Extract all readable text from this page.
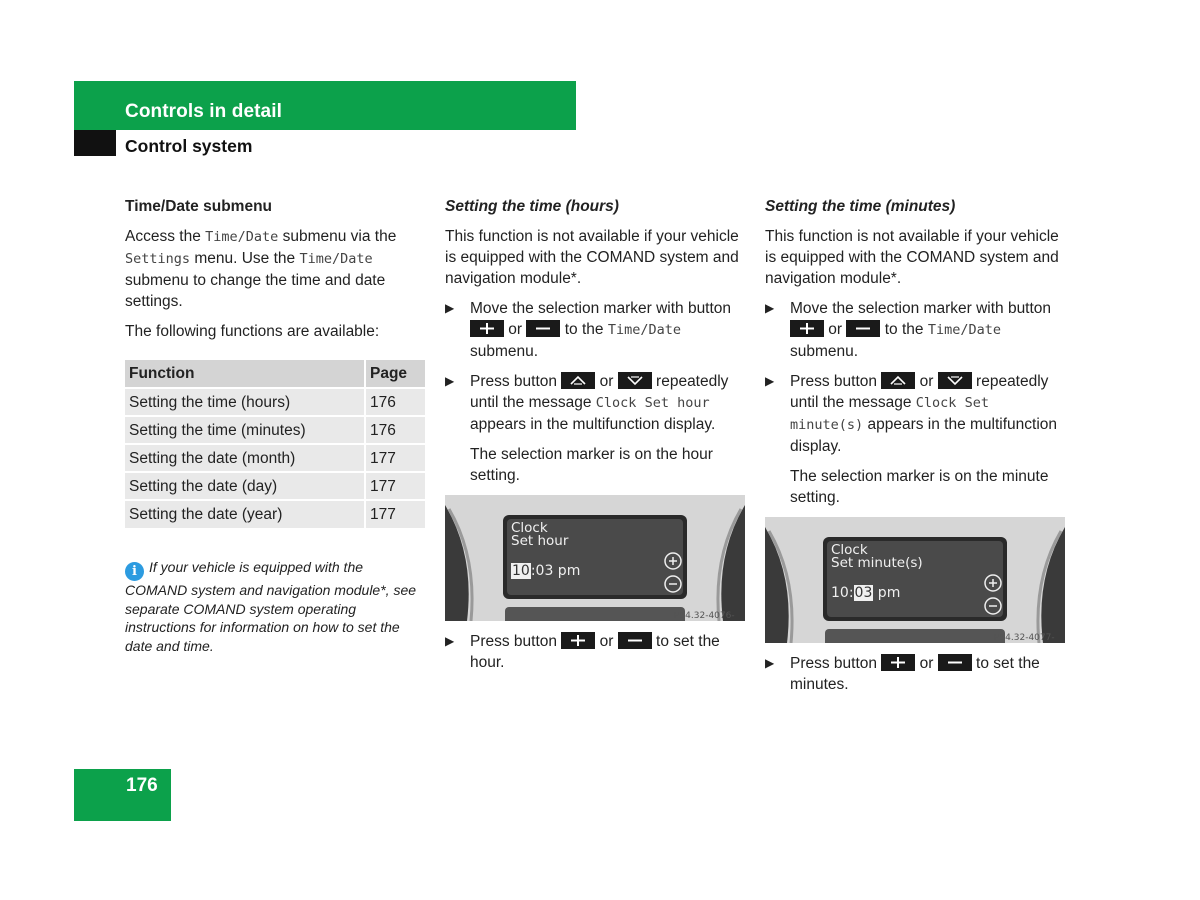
Controls in detail
Control system
Time/Date submenu

Access the Time/Date submenu via the Settings menu. Use the Time/Date submenu to change the time and date settings.

The following functions are available:

Function	Page
Setting the time (hours)	176
Setting the time (minutes)	176
Setting the date (month)	177
Setting the date (day)	177
Setting the date (year)	177
i If your vehicle is equipped with the COMAND system and navigation module*, see separate COMAND system operating instructions for information on how to set the date and time.
Setting the time (hours)

This function is not available if your vehicle is equipped with the COMAND system and navigation module*.

▶ Move the selection marker with button
or
to the Time/Date submenu.
▶ Press button
or
repeatedly until the message Clock Set hour appears in the multifunction display.
The selection marker is on the hour setting.
Clock
Set hour
10:03 pm
P54.32-4076-
▶ Press button
or
to set the hour.
Setting the time (minutes)

This function is not available if your vehicle is equipped with the COMAND system and navigation module*.

▶ Move the selection marker with button
or
to the Time/Date submenu.
▶ Press button
or
repeatedly until the message Clock Set minute(s) appears in the multifunction display.
The selection marker is on the minute setting.
Clock
Set minute(s)
10:03 pm
P54.32-4077-
▶ Press button
or
to set the minutes.
176
